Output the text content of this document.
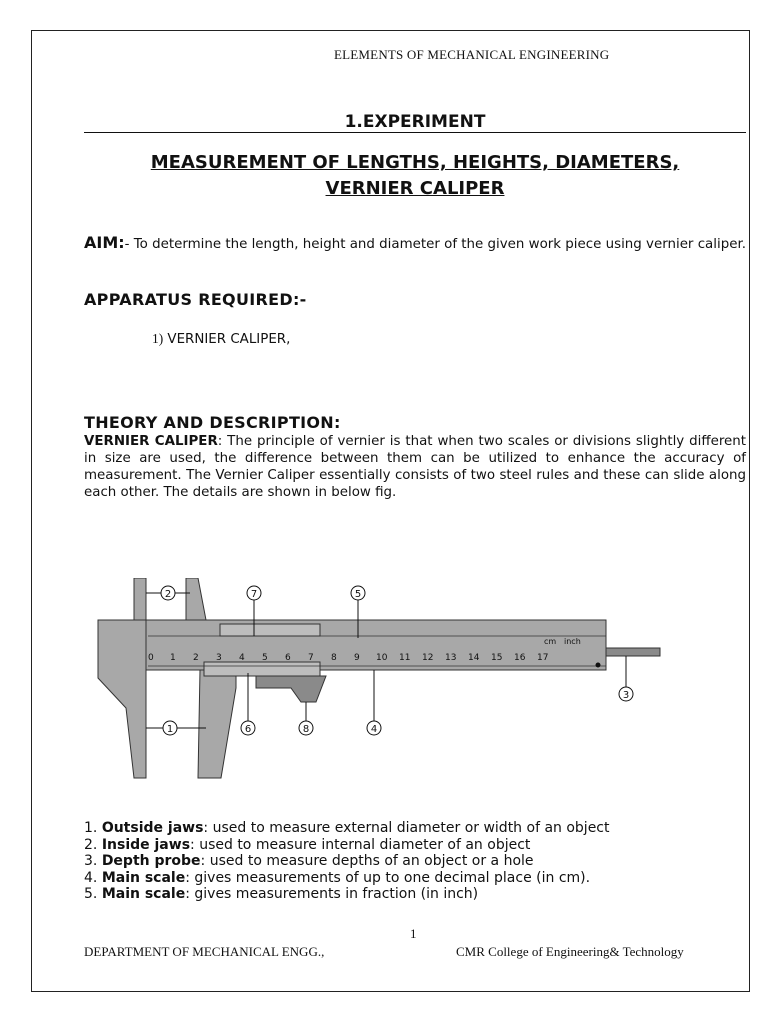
ELEMENTS OF MECHANICAL ENGINEERING
1.EXPERIMENT
MEASUREMENT OF LENGTHS, HEIGHTS, DIAMETERS,
VERNIER CALIPER
AIM:- To determine the length, height and diameter of the given work piece using vernier caliper.
APPARATUS REQUIRED:-
1) VERNIER CALIPER,
THEORY AND DESCRIPTION:
VERNIER CALIPER: The principle of vernier is that when two scales or divisions slightly different in size are used, the difference between them can be utilized to enhance the accuracy of measurement. The Vernier Caliper essentially consists of two steel rules and these can slide along each other. The details are shown in below fig.
0 1 2 3 4 5 6 7 8 9 10 11 12 13 14 15 16 17
cm inch
1
2
3
4
5
6
7
8
1. Outside jaws: used to measure external diameter or width of an object
2. Inside jaws: used to measure internal diameter of an object
3. Depth probe: used to measure depths of an object or a hole
4. Main scale: gives measurements of up to one decimal place (in cm).
5. Main scale: gives measurements in fraction (in inch)
1
DEPARTMENT OF MECHANICAL ENGG.,	CMR College of Engineering& Technology
